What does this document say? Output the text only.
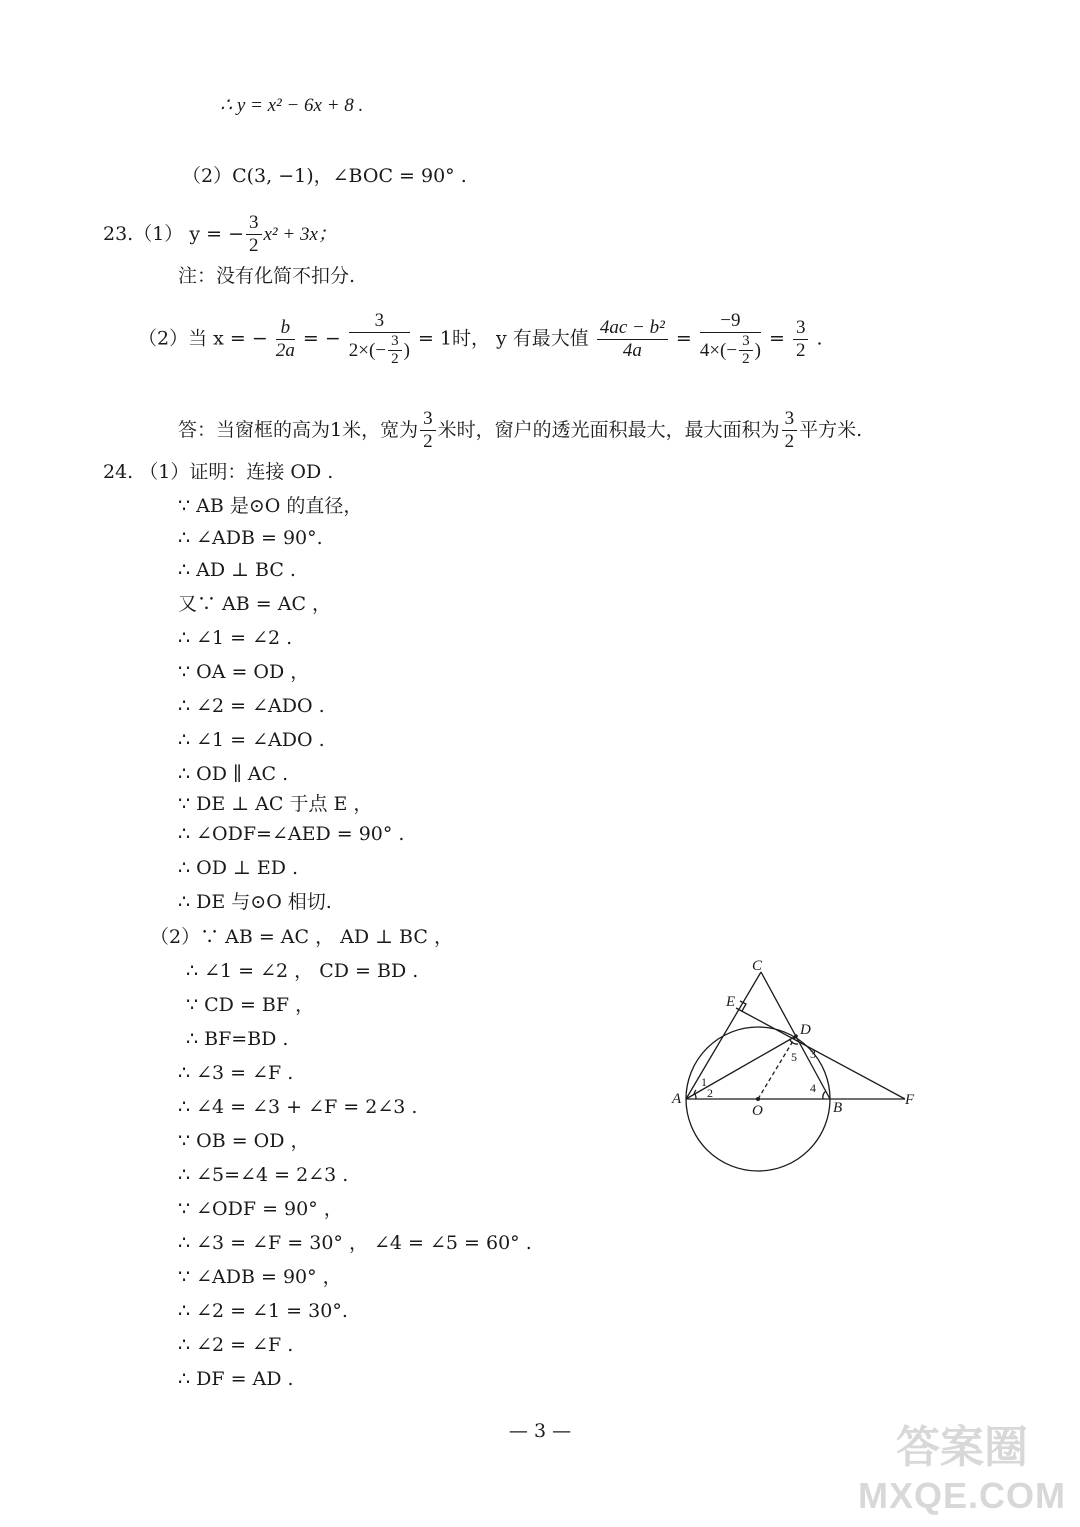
∴ y = x² − 6x + 8 .
（2）C(3, −1)，∠BOC = 90° .
23.（1） y = − $\frac{3}{2} x^2 + 3x$；
注：没有化简不扣分.
（2）当 x = − $\frac{b}{2a}$ = − $\frac{3}{2\times(- \frac{3}{2} )} = 1$时， y 有最大值 $\frac{\text{4ac − b²}}{4a} = \frac{-9}{4\times(- \frac{3}{2} )} = \frac{3}{2}$ .
答：当窗框的高为1米，宽为 $\frac{3}{2}$ 米时，窗户的透光面积最大，最大面积为 $\frac{3}{2}$ 平方米.
24. （1）证明：连接 OD .
∵ AB 是⊙O 的直径，
∴ ∠ADB = 90°.
∴ AD ⊥ BC .
又∵ AB = AC ，
∴ ∠1 = ∠2 .
∵ OA = OD ，
∴ ∠2 = ∠ADO .
∴ ∠1 = ∠ADO .
∴ OD ∥ AC .
∵ DE ⊥ AC 于点 E ，
∴ ∠ODF=∠AED = 90° .
∴ OD ⊥ ED .
∴ DE 与⊙O 相切.
（2）∵ AB = AC ， AD ⊥ BC ，
∴ ∠1 = ∠2 ， CD = BD .
∵ CD = BF ，
∴ BF=BD .
∴ ∠3 = ∠F .
∴ ∠4 = ∠3 + ∠F = 2∠3 .
∵ OB = OD ，
∴ ∠5=∠4 = 2∠3 .
∵ ∠ODF = 90° ，
∴ ∠3 = ∠F = 30° ， ∠4 = ∠5 = 60° .
∵ ∠ADB = 90° ，
∴ ∠2 = ∠1 = 30°.
∴ ∠2 = ∠F .
∴ DF = AD .
C
E
D
A
O	B	F
1
2
3
4
5
— 3 —	答案圈
MXQE.COM
